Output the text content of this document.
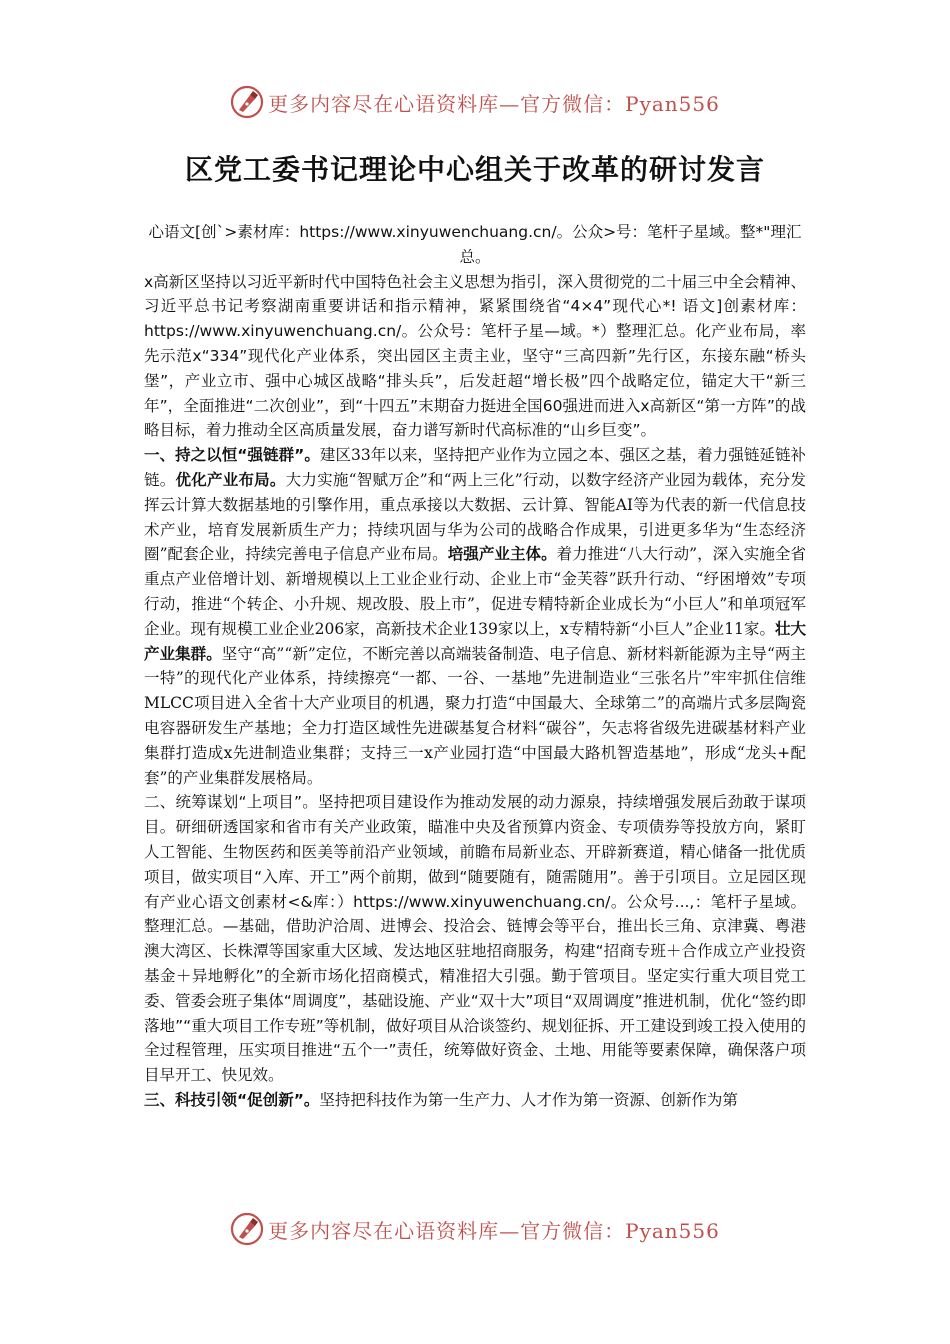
更多内容尽在心语资料库—官方微信：Pyan556
区党工委书记理论中心组关于改革的研讨发言

心语文[创`>素材库：https://www.xinyuwenchuang.cn/。公众>号：笔杆子星域。整*"理汇总。

x高新区坚持以习近平新时代中国特色社会主义思想为指引，深入贯彻党的二十届三中全会精神、习近平总书记考察湖南重要讲话和指示精神，紧紧围绕省“4×4”现代心*! 语文]创素材库：https://www.xinyuwenchuang.cn/。公众号：笔杆子星—域。*）整理汇总。化产业布局，率先示范x“334”现代化产业体系，突出园区主责主业，坚守“三高四新”先行区，东接东融“桥头堡”，产业立市、强中心城区战略“排头兵”，后发赶超“增长极”四个战略定位，锚定大干“新三年”，全面推进“二次创业”，到“十四五”末期奋力挺进全国60强进而进入x高新区“第一方阵”的战略目标，着力推动全区高质量发展，奋力谱写新时代高标准的“山乡巨变”。

一、持之以恒“强链群”。建区33年以来，坚持把产业作为立园之本、强区之基，着力强链延链补链。优化产业布局。大力实施“智赋万企”和“两上三化”行动，以数字经济产业园为载体，充分发挥云计算大数据基地的引擎作用，重点承接以大数据、云计算、智能AI等为代表的新一代信息技术产业，培育发展新质生产力；持续巩固与华为公司的战略合作成果，引进更多华为“生态经济圈”配套企业，持续完善电子信息产业布局。培强产业主体。着力推进“八大行动”，深入实施全省重点产业倍增计划、新增规模以上工业企业行动、企业上市“金芙蓉”跃升行动、“纾困增效”专项行动，推进“个转企、小升规、规改股、股上市”，促进专精特新企业成长为“小巨人”和单项冠军企业。现有规模工业企业206家，高新技术企业139家以上，x专精特新“小巨人”企业11家。壮大产业集群。坚守“高”“新”定位，不断完善以高端装备制造、电子信息、新材料新能源为主导“两主一特”的现代化产业体系，持续擦亮“一都、一谷、一基地”先进制造业“三张名片”牢牢抓住信维MLCC项目进入全省十大产业项目的机遇，聚力打造“中国最大、全球第二”的高端片式多层陶瓷电容器研发生产基地；全力打造区域性先进碳基复合材料“碳谷”，矢志将省级先进碳基材料产业集群打造成x先进制造业集群；支持三一x产业园打造“中国最大路机智造基地”，形成“龙头+配套”的产业集群发展格局。

二、统筹谋划“上项目”。坚持把项目建设作为推动发展的动力源泉，持续增强发展后劲敢于谋项目。研细研透国家和省市有关产业政策，瞄准中央及省预算内资金、专项债券等投放方向，紧盯人工智能、生物医药和医美等前沿产业领域，前瞻布局新业态、开辟新赛道，精心储备一批优质项目，做实项目“入库、开工”两个前期，做到“随要随有，随需随用”。善于引项目。立足园区现有产业心语文创素材<&库：）https://www.xinyuwenchuang.cn/。公众号...,：笔杆子星域。整理汇总。—基础，借助沪洽周、进博会、投洽会、链博会等平台，推出长三角、京津冀、粤港澳大湾区、长株潭等国家重大区域、发达地区驻地招商服务，构建“招商专班＋合作成立产业投资基金＋异地孵化”的全新市场化招商模式，精准招大引强。勤于管项目。坚定实行重大项目党工委、管委会班子集体“周调度”，基础设施、产业“双十大”项目“双周调度”推进机制，优化“签约即落地”“重大项目工作专班”等机制，做好项目从洽谈签约、规划征拆、开工建设到竣工投入使用的全过程管理，压实项目推进“五个一”责任，统筹做好资金、土地、用能等要素保障，确保落户项目早开工、快见效。

三、科技引领“促创新”。坚持把科技作为第一生产力、人才作为第一资源、创新作为第

更多内容尽在心语资料库—官方微信：Pyan556
